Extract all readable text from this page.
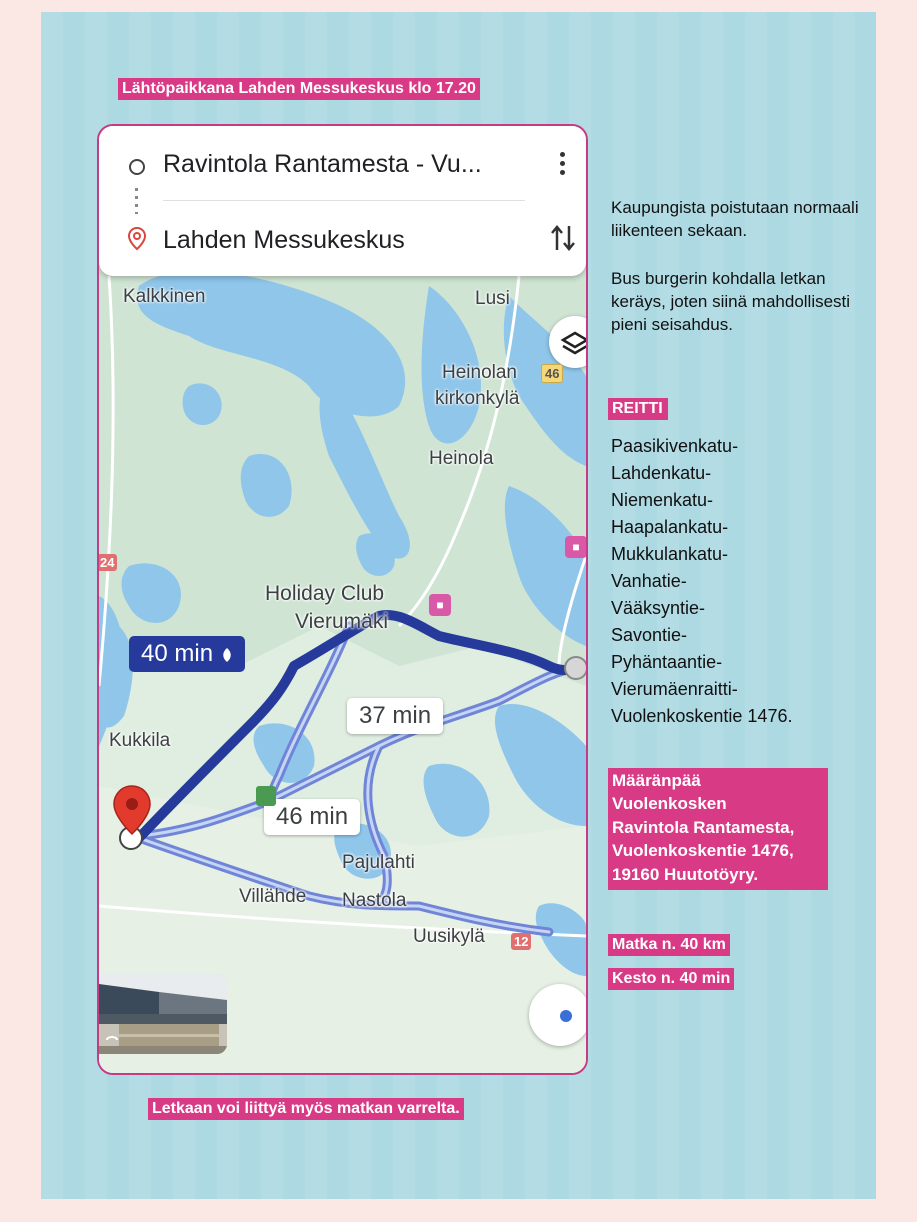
Lähtöpaikkana Lahden Messukeskus klo 17.20
Ravintola Rantamesta - Vu...
Lahden Messukeskus
Kalkkinen	Lusi
Heinolan	46
kirkonkylä
Heinola
24
■
Holiday Club
Vierumäki
■
40 min
37 min
46 min
Kukkila
Pajulahti
Villähde Nastola
Uusikylä 12
Kaupungista poistutaan normaali liikenteen sekaan.
Bus burgerin kohdalla letkan keräys, joten siinä mahdollisesti pieni seisahdus.
REITTI
Paasikivenkatu-
Lahdenkatu-
Niemenkatu-
Haapalankatu-
Mukkulankatu-
Vanhatie-
Vääksyntie-
Savontie-
Pyhäntaantie-
Vierumäenraitti-
Vuolenkoskentie 1476.
Määränpää
Vuolenkosken
Ravintola Rantamesta,
Vuolenkoskentie 1476,
19160 Huutotöyry.
Matka n. 40 km
Kesto n. 40 min
Letkaan voi liittyä myös matkan varrelta.
